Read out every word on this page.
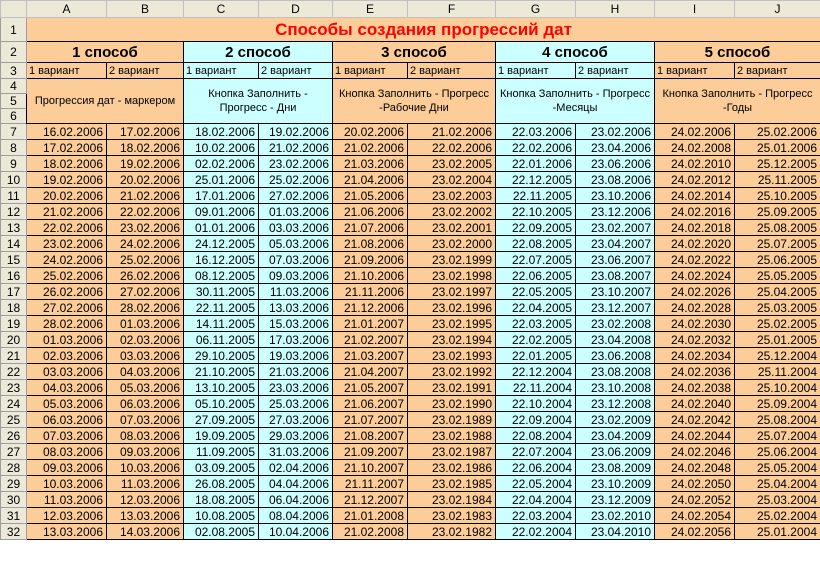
	A	B	C	D	E	F	G	H	I	J
1	Способы создания прогрессий дат									
2	1 способ		2 способ		3 способ		4 способ		5 способ	
3	1 вариант	2 вариант	1 вариант	2 вариант	1 вариант	2 вариант	1 вариант	2 вариант	1 вариант	2 вариант
4	Прогрессия дат - маркером		Кнопка Заполнить - Прогресс - Дни		Кнопка Заполнить - Прогресс -Рабочие Дни		Кнопка Заполнить - Прогресс -Месяцы		Кнопка Заполнить - Прогресс -Годы	
5										
6										
7	16.02.2006	17.02.2006	18.02.2006	19.02.2006	20.02.2006	21.02.2006	22.03.2006	23.02.2006	24.02.2006	25.02.2006
8	17.02.2006	18.02.2006	10.02.2006	21.02.2006	21.02.2006	22.02.2006	22.02.2006	23.04.2006	24.02.2008	25.01.2006
9	18.02.2006	19.02.2006	02.02.2006	23.02.2006	21.03.2006	23.02.2005	22.01.2006	23.06.2006	24.02.2010	25.12.2005
10	19.02.2006	20.02.2006	25.01.2006	25.02.2006	21.04.2006	23.02.2004	22.12.2005	23.08.2006	24.02.2012	25.11.2005
11	20.02.2006	21.02.2006	17.01.2006	27.02.2006	21.05.2006	23.02.2003	22.11.2005	23.10.2006	24.02.2014	25.10.2005
12	21.02.2006	22.02.2006	09.01.2006	01.03.2006	21.06.2006	23.02.2002	22.10.2005	23.12.2006	24.02.2016	25.09.2005
13	22.02.2006	23.02.2006	01.01.2006	03.03.2006	21.07.2006	23.02.2001	22.09.2005	23.02.2007	24.02.2018	25.08.2005
14	23.02.2006	24.02.2006	24.12.2005	05.03.2006	21.08.2006	23.02.2000	22.08.2005	23.04.2007	24.02.2020	25.07.2005
15	24.02.2006	25.02.2006	16.12.2005	07.03.2006	21.09.2006	23.02.1999	22.07.2005	23.06.2007	24.02.2022	25.06.2005
16	25.02.2006	26.02.2006	08.12.2005	09.03.2006	21.10.2006	23.02.1998	22.06.2005	23.08.2007	24.02.2024	25.05.2005
17	26.02.2006	27.02.2006	30.11.2005	11.03.2006	21.11.2006	23.02.1997	22.05.2005	23.10.2007	24.02.2026	25.04.2005
18	27.02.2006	28.02.2006	22.11.2005	13.03.2006	21.12.2006	23.02.1996	22.04.2005	23.12.2007	24.02.2028	25.03.2005
19	28.02.2006	01.03.2006	14.11.2005	15.03.2006	21.01.2007	23.02.1995	22.03.2005	23.02.2008	24.02.2030	25.02.2005
20	01.03.2006	02.03.2006	06.11.2005	17.03.2006	21.02.2007	23.02.1994	22.02.2005	23.04.2008	24.02.2032	25.01.2005
21	02.03.2006	03.03.2006	29.10.2005	19.03.2006	21.03.2007	23.02.1993	22.01.2005	23.06.2008	24.02.2034	25.12.2004
22	03.03.2006	04.03.2006	21.10.2005	21.03.2006	21.04.2007	23.02.1992	22.12.2004	23.08.2008	24.02.2036	25.11.2004
23	04.03.2006	05.03.2006	13.10.2005	23.03.2006	21.05.2007	23.02.1991	22.11.2004	23.10.2008	24.02.2038	25.10.2004
24	05.03.2006	06.03.2006	05.10.2005	25.03.2006	21.06.2007	23.02.1990	22.10.2004	23.12.2008	24.02.2040	25.09.2004
25	06.03.2006	07.03.2006	27.09.2005	27.03.2006	21.07.2007	23.02.1989	22.09.2004	23.02.2009	24.02.2042	25.08.2004
26	07.03.2006	08.03.2006	19.09.2005	29.03.2006	21.08.2007	23.02.1988	22.08.2004	23.04.2009	24.02.2044	25.07.2004
27	08.03.2006	09.03.2006	11.09.2005	31.03.2006	21.09.2007	23.02.1987	22.07.2004	23.06.2009	24.02.2046	25.06.2004
28	09.03.2006	10.03.2006	03.09.2005	02.04.2006	21.10.2007	23.02.1986	22.06.2004	23.08.2009	24.02.2048	25.05.2004
29	10.03.2006	11.03.2006	26.08.2005	04.04.2006	21.11.2007	23.02.1985	22.05.2004	23.10.2009	24.02.2050	25.04.2004
30	11.03.2006	12.03.2006	18.08.2005	06.04.2006	21.12.2007	23.02.1984	22.04.2004	23.12.2009	24.02.2052	25.03.2004
31	12.03.2006	13.03.2006	10.08.2005	08.04.2006	21.01.2008	23.02.1983	22.03.2004	23.02.2010	24.02.2054	25.02.2004
32	13.03.2006	14.03.2006	02.08.2005	10.04.2006	21.02.2008	23.02.1982	22.02.2004	23.04.2010	24.02.2056	25.01.2004
